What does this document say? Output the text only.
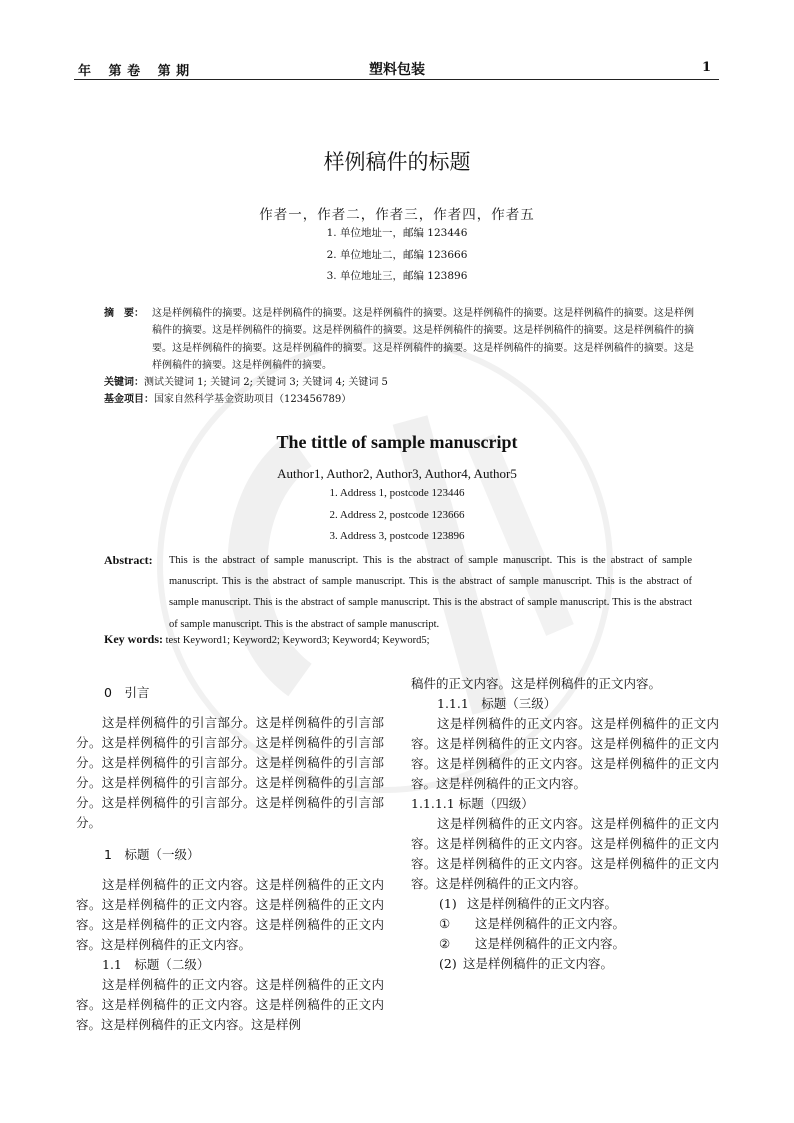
年 第 卷 第 期	塑料包装	1
样例稿件的标题
作者一，作者二，作者三，作者四，作者五
1. 单位地址一，邮编 123446
2. 单位地址二，邮编 123666
3. 单位地址三，邮编 123896
摘　要： 这是样例稿件的摘要。这是样例稿件的摘要。这是样例稿件的摘要。这是样例稿件的摘要。这是样例稿件的摘要。这是样例稿件的摘要。这是样例稿件的摘要。这是样例稿件的摘要。这是样例稿件的摘要。这是样例稿件的摘要。这是样例稿件的摘要。这是样例稿件的摘要。这是样例稿件的摘要。这是样例稿件的摘要。这是样例稿件的摘要。这是样例稿件的摘要。这是样例稿件的摘要。这是样例稿件的摘要。
关键词：测试关键词 1; 关键词 2; 关键词 3; 关键词 4; 关键词 5
基金项目：国家自然科学基金资助项目（123456789）
The tittle of sample manuscript
Author1, Author2, Author3, Author4, Author5
1. Address 1, postcode 123446
2. Address 2, postcode 123666
3. Address 3, postcode 123896
Abstract: This is the abstract of sample manuscript. This is the abstract of sample manuscript. This is the abstract of sample manuscript. This is the abstract of sample manuscript. This is the abstract of sample manuscript. This is the abstract of sample manuscript. This is the abstract of sample manuscript. This is the abstract of sample manuscript. This is the abstract of sample manuscript. This is the abstract of sample manuscript.
Key words: test Keyword1; Keyword2; Keyword3; Keyword4; Keyword5;

0　引言

这是样例稿件的引言部分。这是样例稿件的引言部分。这是样例稿件的引言部分。这是样例稿件的引言部分。这是样例稿件的引言部分。这是样例稿件的引言部分。这是样例稿件的引言部分。这是样例稿件的引言部分。这是样例稿件的引言部分。这是样例稿件的引言部分。

1　标题（一级）

这是样例稿件的正文内容。这是样例稿件的正文内容。这是样例稿件的正文内容。这是样例稿件的正文内容。这是样例稿件的正文内容。这是样例稿件的正文内容。这是样例稿件的正文内容。

1.1　标题（二级）

这是样例稿件的正文内容。这是样例稿件的正文内容。这是样例稿件的正文内容。这是样例稿件的正文内容。这是样例稿件的正文内容。这是样例

稿件的正文内容。这是样例稿件的正文内容。

1.1.1　标题（三级）

这是样例稿件的正文内容。这是样例稿件的正文内容。这是样例稿件的正文内容。这是样例稿件的正文内容。这是样例稿件的正文内容。这是样例稿件的正文内容。这是样例稿件的正文内容。

1.1.1.1 标题（四级）

这是样例稿件的正文内容。这是样例稿件的正文内容。这是样例稿件的正文内容。这是样例稿件的正文内容。这是样例稿件的正文内容。这是样例稿件的正文内容。这是样例稿件的正文内容。

(1) 这是样例稿件的正文内容。

① 这是样例稿件的正文内容。

② 这是样例稿件的正文内容。

(2) 这是样例稿件的正文内容。
